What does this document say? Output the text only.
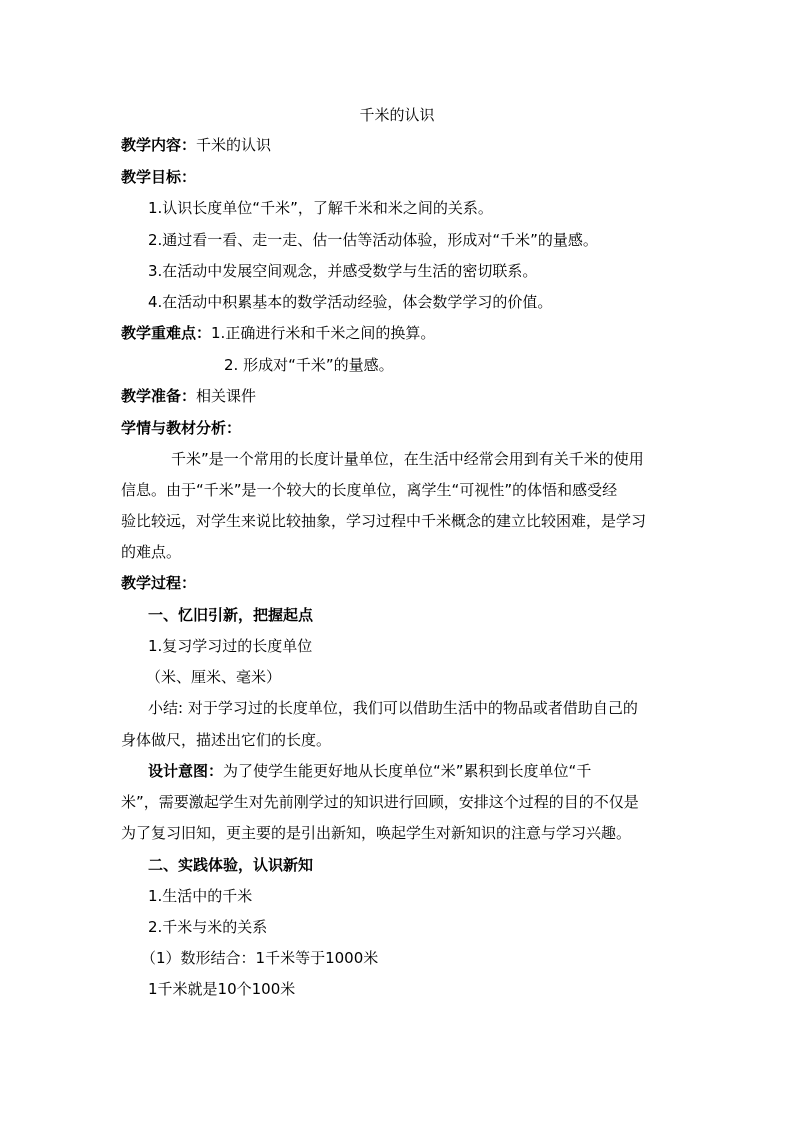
千米的认识
教学内容：千米的认识
教学目标：
1.认识长度单位“千米”，了解千米和米之间的关系。
2.通过看一看、走一走、估一估等活动体验，形成对“千米”的量感。
3.在活动中发展空间观念，并感受数学与生活的密切联系。
4.在活动中积累基本的数学活动经验，体会数学学习的价值。
教学重难点：1.正确进行米和千米之间的换算。
2. 形成对“千米”的量感。
教学准备：相关课件
学情与教材分析：
千米”是一个常用的长度计量单位，在生活中经常会用到有关千米的使用
信息。由于“千米”是一个较大的长度单位，离学生“可视性”的体悟和感受经
验比较远，对学生来说比较抽象，学习过程中千米概念的建立比较困难，是学习
的难点。
教学过程：
一、忆旧引新，把握起点
1.复习学习过的长度单位
（米、厘米、毫米）
小结: 对于学习过的长度单位，我们可以借助生活中的物品或者借助自己的
身体做尺，描述出它们的长度。
设计意图：为了使学生能更好地从长度单位“米”累积到长度单位“千
米”，需要激起学生对先前刚学过的知识进行回顾，安排这个过程的目的不仅是
为了复习旧知，更主要的是引出新知，唤起学生对新知识的注意与学习兴趣。
二、实践体验，认识新知
1.生活中的千米
2.千米与米的关系
（1）数形结合：1千米等于1000米
1千米就是10个100米
